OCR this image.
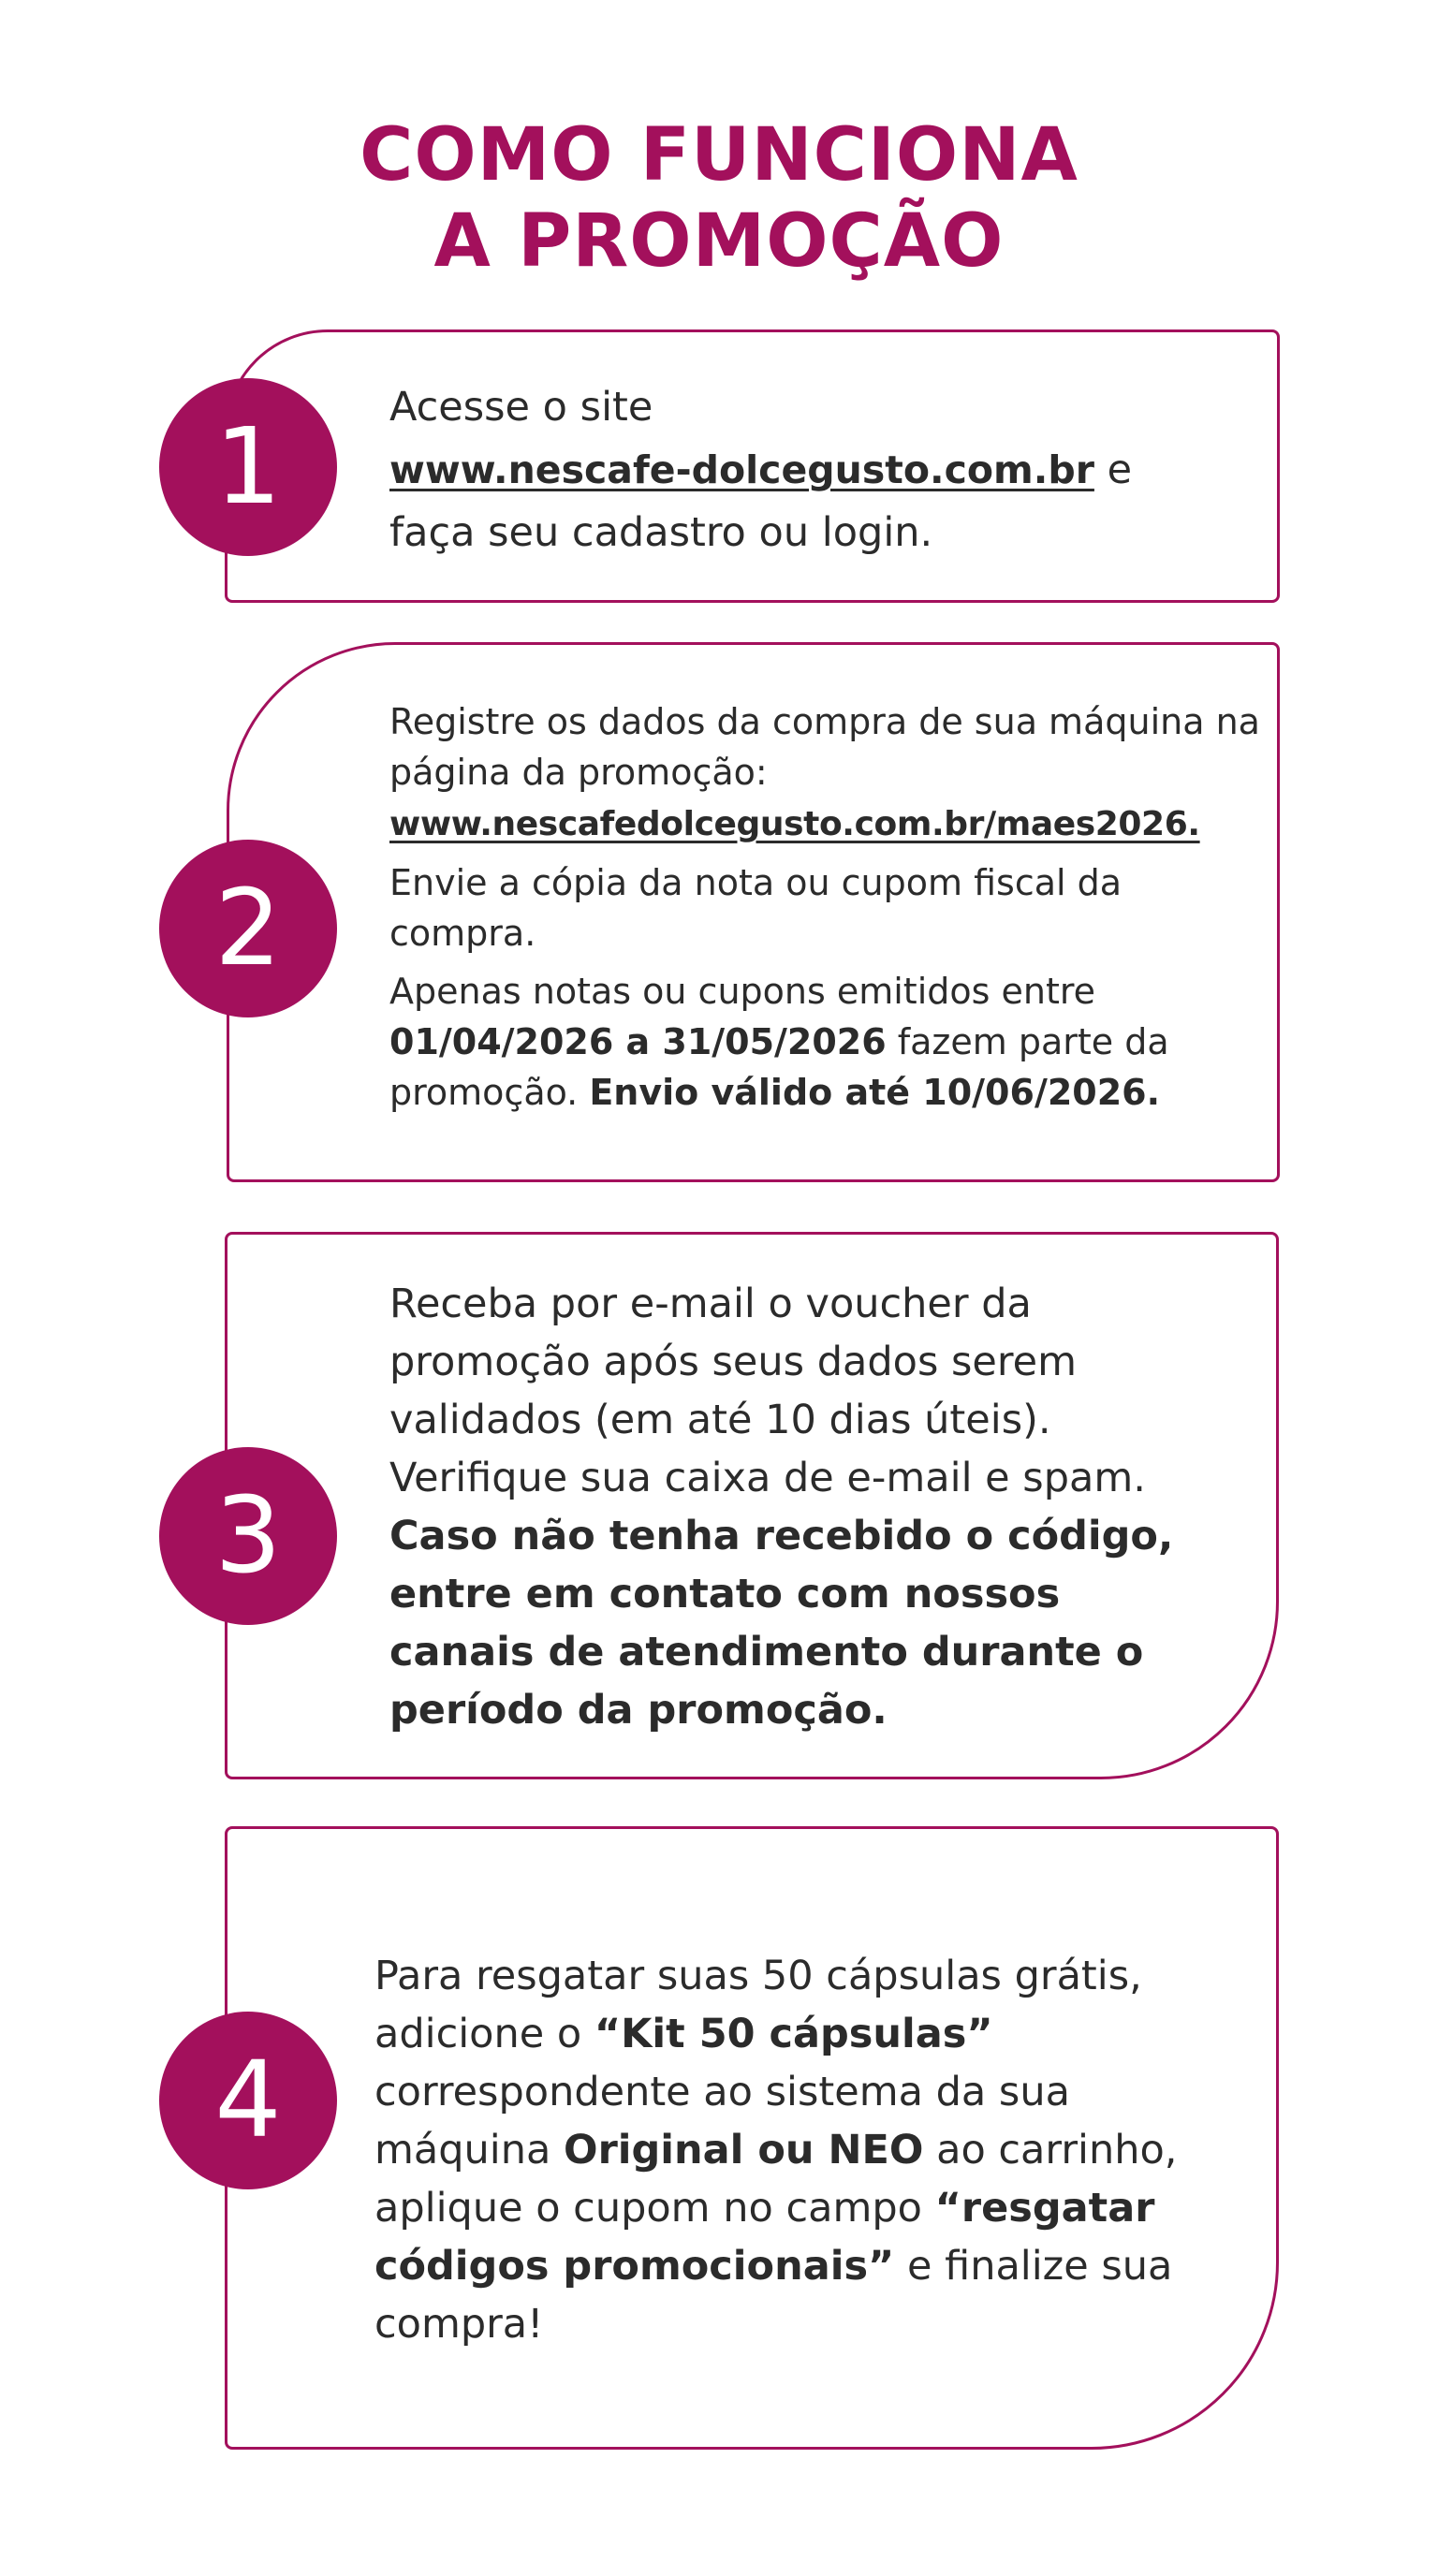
COMO FUNCIONA
A PROMOÇÃO
1	Acesse o site
www.nescafe-dolcegusto.com.br e
faça seu cadastro ou login.
2

Registre os dados da compra de sua máquina na página da promoção:
www.nescafedolcegusto.com.br/maes2026.

Envie a cópia da nota ou cupom fiscal da compra.

Apenas notas ou cupons emitidos entre 01/04/2026 a 31/05/2026 fazem parte da promoção. Envio válido até 10/06/2026.

3
Receba por e-mail o voucher da promoção após seus dados serem validados (em até 10 dias úteis). Verifique sua caixa de e-mail e spam. Caso não tenha recebido o código, entre em contato com nossos canais de atendimento durante o período da promoção.
4
Para resgatar suas 50 cápsulas grátis, adicione o “Kit 50 cápsulas” correspondente ao sistema da sua máquina Original ou NEO ao carrinho, aplique o cupom no campo “resgatar códigos promocionais” e finalize sua compra!
